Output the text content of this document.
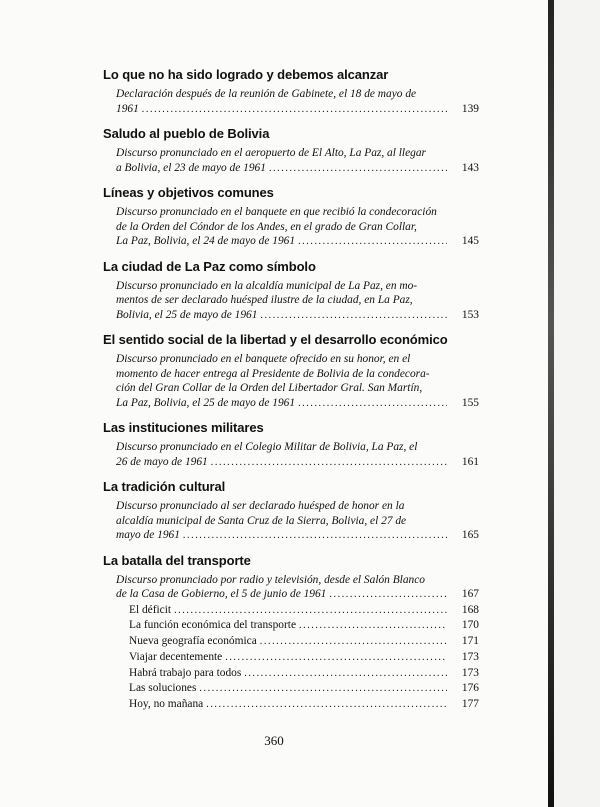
Lo que no ha sido logrado y debemos alcanzar
Declaración después de la reunión de Gabinete, el 18 de mayo de
1961 .....	139
Saludo al pueblo de Bolivia
Discurso pronunciado en el aeropuerto de El Alto, La Paz, al llegar
a Bolivia, el 23 de mayo de 1961 .....	143
Líneas y objetivos comunes
Discurso pronunciado en el banquete en que recibió la condecoración
de la Orden del Cóndor de los Andes, en el grado de Gran Collar,
La Paz, Bolivia, el 24 de mayo de 1961 .....	145
La ciudad de La Paz como símbolo
Discurso pronunciado en la alcaldía municipal de La Paz, en mo-
mentos de ser declarado huésped ilustre de la ciudad, en La Paz,
Bolivia, el 25 de mayo de 1961 .....	153
El sentido social de la libertad y el desarrollo económico
Discurso pronunciado en el banquete ofrecido en su honor, en el
momento de hacer entrega al Presidente de Bolivia de la condecora-
ción del Gran Collar de la Orden del Libertador Gral. San Martín,
La Paz, Bolivia, el 25 de mayo de 1961 .....	155
Las instituciones militares
Discurso pronunciado en el Colegio Militar de Bolivia, La Paz, el
26 de mayo de 1961 .....	161
La tradición cultural
Discurso pronunciado al ser declarado huésped de honor en la
alcaldía municipal de Santa Cruz de la Sierra, Bolivia, el 27 de
mayo de 1961 .....	165
La batalla del transporte
Discurso pronunciado por radio y televisión, desde el Salón Blanco
de la Casa de Gobierno, el 5 de junio de 1961 .....	167
El déficit .....	168
La función económica del transporte .....	170
Nueva geografía económica .....	171
Viajar decentemente .....	173
Habrá trabajo para todos .....	173
Las soluciones .....	176
Hoy, no mañana .....	177
360
